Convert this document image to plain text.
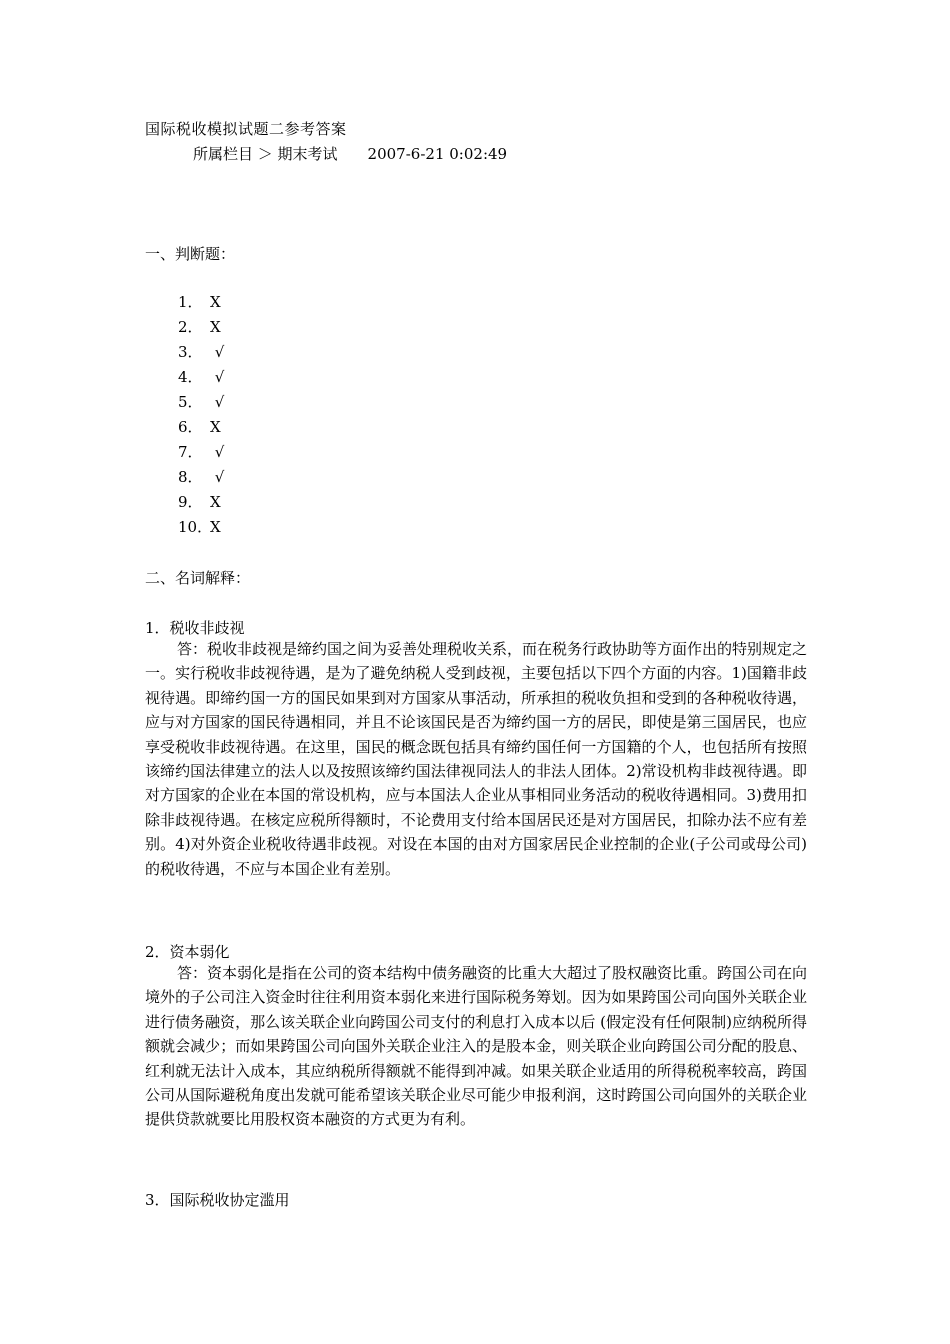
国际税收模拟试题二参考答案
所属栏目 ＞ 期末考试 2007-6-21 0:02:49
一、判断题：
1． X
2． X
3． √
4． √
5． √
6． X
7． √
8． √
9． X
10．X
二、名词解释：
1．税收非歧视

答：税收非歧视是缔约国之间为妥善处理税收关系，而在税务行政协助等方面作出的特别规定之一。实行税收非歧视待遇，是为了避免纳税人受到歧视，主要包括以下四个方面的内容。1)国籍非歧视待遇。即缔约国一方的国民如果到对方国家从事活动，所承担的税收负担和受到的各种税收待遇，应与对方国家的国民待遇相同，并且不论该国民是否为缔约国一方的居民，即使是第三国居民，也应享受税收非歧视待遇。在这里，国民的概念既包括具有缔约国任何一方国籍的个人，也包括所有按照该缔约国法律建立的法人以及按照该缔约国法律视同法人的非法人团体。2)常设机构非歧视待遇。即对方国家的企业在本国的常设机构，应与本国法人企业从事相同业务活动的税收待遇相同。3)费用扣除非歧视待遇。在核定应税所得额时，不论费用支付给本国居民还是对方国居民，扣除办法不应有差别。4)对外资企业税收待遇非歧视。对设在本国的由对方国家居民企业控制的企业(子公司或母公司)的税收待遇，不应与本国企业有差别。

2．资本弱化

答：资本弱化是指在公司的资本结构中债务融资的比重大大超过了股权融资比重。跨国公司在向境外的子公司注入资金时往往利用资本弱化来进行国际税务筹划。因为如果跨国公司向国外关联企业进行债务融资，那么该关联企业向跨国公司支付的利息打入成本以后 (假定没有任何限制)应纳税所得额就会减少；而如果跨国公司向国外关联企业注入的是股本金，则关联企业向跨国公司分配的股息、红利就无法计入成本，其应纳税所得额就不能得到冲减。如果关联企业适用的所得税税率较高，跨国公司从国际避税角度出发就可能希望该关联企业尽可能少申报利润，这时跨国公司向国外的关联企业提供贷款就要比用股权资本融资的方式更为有利。

3．国际税收协定滥用
